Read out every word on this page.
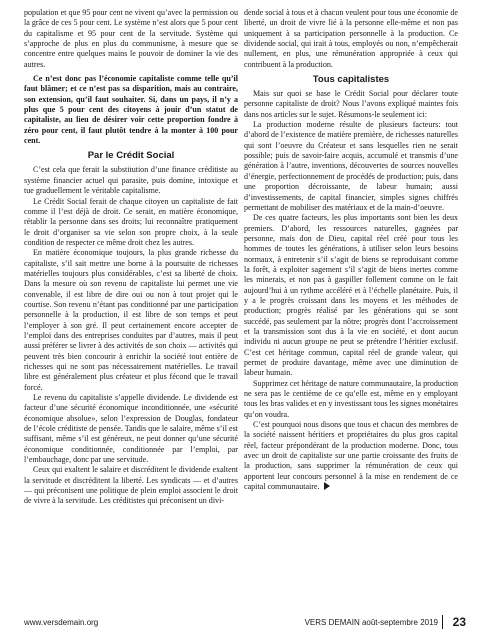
population et que 95 pour cent ne vivent qu’avec la permission ou la grâce de ces 5 pour cent. Le système n’est alors que 5 pour cent du capitalisme et 95 pour cent de la servitude. Système qui s’approche de plus en plus du communisme, à mesure que se concentre entre quelques mains le pouvoir de dominer la vie des autres.

Ce n’est donc pas l’économie capitaliste comme telle qu’il faut blâmer; et ce n’est pas sa disparition, mais au contraire, son extension, qu’il faut souhaiter. Si, dans un pays, il n’y a plus que 5 pour cent des citoyens à jouir d’un statut de capitaliste, au lieu de désirer voir cette proportion fondre à zéro pour cent, il faut plutôt tendre à la monter à 100 pour cent.

Par le Crédit Social

C’est cela que ferait la substitution d’une finance créditiste au système financier actuel qui parasite, puis domine, intoxique et tue graduellement le véritable capitalisme.

Le Crédit Social ferait de chaque citoyen un capitaliste de fait comme il l’est déjà de droit. Ce serait, en matière économique, rétablir la personne dans ses droits; lui reconnaître pratiquement le droit d’organiser sa vie selon son propre choix, à la seule condition de respecter ce même droit chez les autres.

En matière économique toujours, la plus grande richesse du capitaliste, s’il sait mettre une borne à la poursuite de richesses matérielles toujours plus considérables, c’est sa liberté de choix. Dans la mesure où son revenu de capitaliste lui permet une vie convenable, il est libre de dire oui ou non à tout projet qui le courtise. Son revenu n’étant pas conditionné par une participation personnelle à la production, il est libre de son temps et peut l’employer à son gré. Il peut certainement encore accepter de l’emploi dans des entreprises conduites par d’autres, mais il peut aussi préférer se livrer à des activités de son choix — activités qui peuvent très bien concourir à enrichir la société tout entière de richesses qui ne sont pas nécessairement matérielles. Le travail libre est généralement plus créateur et plus fécond que le travail forcé.

Le revenu du capitaliste s’appelle dividende. Le dividende est facteur d’une sécurité économique inconditionnée, une «sécurité économique absolue», selon l’expression de Douglas, fondateur de l’école créditiste de pensée. Tandis que le salaire, même s’il est suffisant, même s’il est généreux, ne peut donner qu’une sécurité économique conditionnée, conditionnée par l’emploi, par l’embauchage, donc par une servitude.

Ceux qui exaltent le salaire et discréditent le dividende exaltent la servitude et discréditent la liberté. Les syndicats — et d’autres — qui préconisent une politique de plein emploi associent le droit de vivre à la servitude. Les créditistes qui préconisent un divi-

dende social à tous et à chacun veulent pour tous une économie de liberté, un droit de vivre lié à la personne elle-même et non pas uniquement à sa participation personnelle à la production. Ce dividende social, qui irait à tous, employés ou non, n’empêcherait nullement, en plus, une rémunération appropriée à ceux qui contribuent à la production.

Tous capitalistes

Mais sur quoi se base le Crédit Social pour déclarer toute personne capitaliste de droit? Nous l’avons expliqué maintes fois dans nos articles sur le sujet. Résumons-le seulement ici:

La production moderne résulte de plusieurs facteurs: tout d’abord de l’existence de matière première, de richesses naturelles qui sont l’oeuvre du Créateur et sans lesquelles rien ne serait possible; puis de savoir-faire acquis, accumulé et transmis d’une génération à l’autre, inventions, découvertes de sources nouvelles d’énergie, perfectionnement de procédés de production; puis, dans une proportion décroissante, de labeur humain; aussi d’investissements, de capital financier, simples signes chiffrés permettant de mobiliser des matériaux et de la main-d’oeuvre.

De ces quatre facteurs, les plus importants sont bien les deux premiers. D’abord, les ressources naturelles, gagnées par personne, mais don de Dieu, capital réel créé pour tous les hommes de toutes les générations, à utiliser selon leurs besoins normaux, à entretenir s’il s’agit de biens se reproduisant comme la forêt, à exploiter sagement s’il s’agit de biens inertes comme les minerais, et non pas à gaspiller follement comme on le fait aujourd’hui à un rythme accéléré et à l’échelle planétaire. Puis, il y a le progrès croissant dans les moyens et les méthodes de production; progrès réalisé par les générations qui se sont succédé, pas seulement par la nôtre; progrès dont l’accroissement et la transmission sont dus à la vie en société, et dont aucun individu ni aucun groupe ne peut se prétendre l’héritier exclusif. C’est cet héritage commun, capital réel de grande valeur, qui permet de produire davantage, même avec une diminution de labeur humain.

Supprimez cet héritage de nature communautaire, la production ne sera pas le centième de ce qu’elle est, même en y employant tous les bras valides et en y investissant tous les signes monétaires qu’on voudra.

C’est pourquoi nous disons que tous et chacun des membres de la société naissent héritiers et propriétaires du plus gros capital réel, facteur prépondérant de la production moderne. Donc, tous avec un droit de capitaliste sur une partie croissante des fruits de la production, sans supprimer la rémunération de ceux qui apportent leur concours personnel à la mise en rendement de ce capital communautaire.

www.versdemain.org	VERS DEMAIN août-septembre 2019 23
